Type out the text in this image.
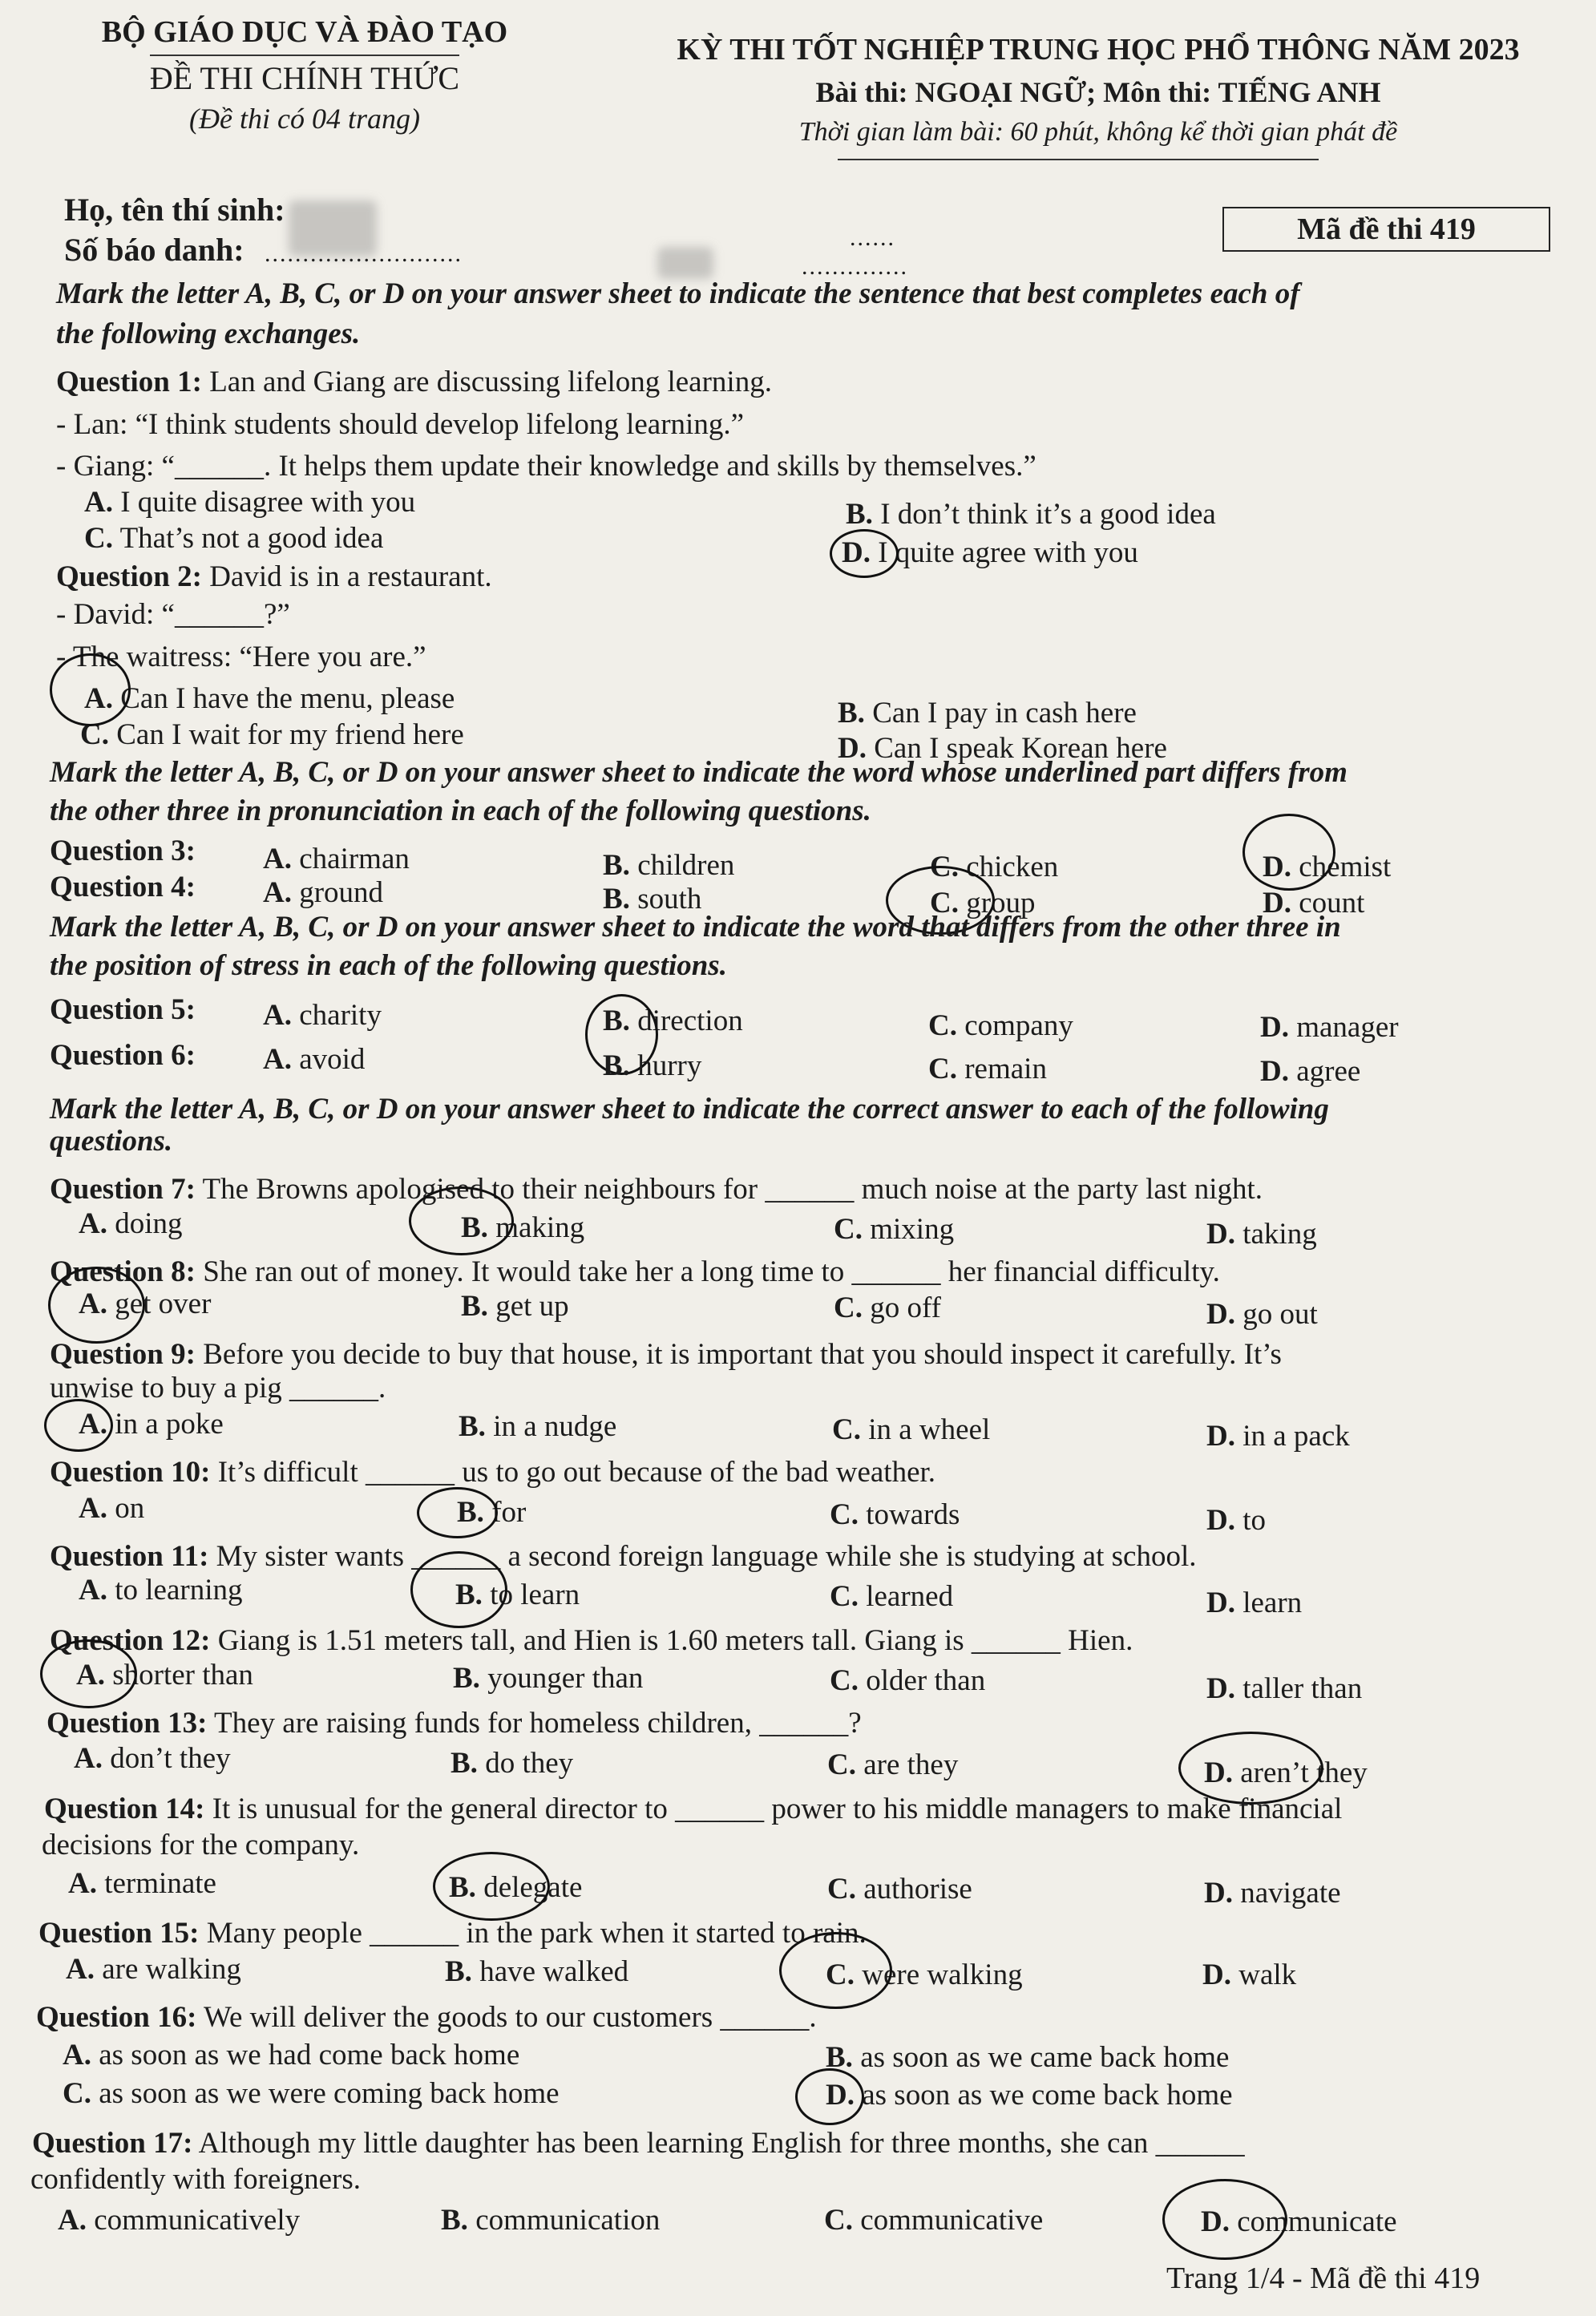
BỘ GIÁO DỤC VÀ ĐÀO TẠO
ĐỀ THI CHÍNH THỨC
(Đề thi có 04 trang)
KỲ THI TỐT NGHIỆP TRUNG HỌC PHỔ THÔNG NĂM 2023
Bài thi: NGOẠI NGỮ; Môn thi: TIẾNG ANH
Thời gian làm bài: 60 phút, không kể thời gian phát đề
Họ, tên thí sinh:
Số báo danh: ..........................
......
..............
Mã đề thi 419
Mark the letter A, B, C, or D on your answer sheet to indicate the sentence that best completes each of
the following exchanges.
Question 1: Lan and Giang are discussing lifelong learning.
- Lan: “I think students should develop lifelong learning.”
- Giang: “______. It helps them update their knowledge and skills by themselves.”
A. I quite disagree with you	B. I don’t think it’s a good idea
C. That’s not a good idea	D. I quite agree with you
Question 2: David is in a restaurant.
- David: “______?”
- The waitress: “Here you are.”
A. Can I have the menu, please	B. Can I pay in cash here
C. Can I wait for my friend here	D. Can I speak Korean here
Mark the letter A, B, C, or D on your answer sheet to indicate the word whose underlined part differs from
the other three in pronunciation in each of the following questions.
Question 3: A. chairman	B. children	C. chicken	D. chemist
Question 4: A. ground	B. south	C. group	D. count
Mark the letter A, B, C, or D on your answer sheet to indicate the word that differs from the other three in
the position of stress in each of the following questions.
Question 5: A. charity	B. direction	C. company	D. manager
Question 6: A. avoid	B. hurry	C. remain	D. agree
Mark the letter A, B, C, or D on your answer sheet to indicate the correct answer to each of the following
questions.
Question 7: The Browns apologised to their neighbours for ______ much noise at the party last night.
A. doing	B. making	C. mixing	D. taking
Question 8: She ran out of money. It would take her a long time to ______ her financial difficulty.
A. get over	B. get up	C. go off	D. go out
Question 9: Before you decide to buy that house, it is important that you should inspect it carefully. It’s
unwise to buy a pig ______.
A. in a poke	B. in a nudge	C. in a wheel	D. in a pack
Question 10: It’s difficult ______ us to go out because of the bad weather.
A. on	B. for	C. towards	D. to
Question 11: My sister wants ______ a second foreign language while she is studying at school.
A. to learning	B. to learn	C. learned	D. learn
Question 12: Giang is 1.51 meters tall, and Hien is 1.60 meters tall. Giang is ______ Hien.
A. shorter than	B. younger than	C. older than	D. taller than
Question 13: They are raising funds for homeless children, ______?
A. don’t they	B. do they	C. are they	D. aren’t they
Question 14: It is unusual for the general director to ______ power to his middle managers to make financial
decisions for the company.
A. terminate	B. delegate	C. authorise	D. navigate
Question 15: Many people ______ in the park when it started to rain.
A. are walking	B. have walked	C. were walking	D. walk
Question 16: We will deliver the goods to our customers ______.
A. as soon as we had come back home	B. as soon as we came back home
C. as soon as we were coming back home	D. as soon as we come back home
Question 17: Although my little daughter has been learning English for three months, she can ______
confidently with foreigners.
A. communicatively	B. communication	C. communicative	D. communicate
Trang 1/4 - Mã đề thi 419
